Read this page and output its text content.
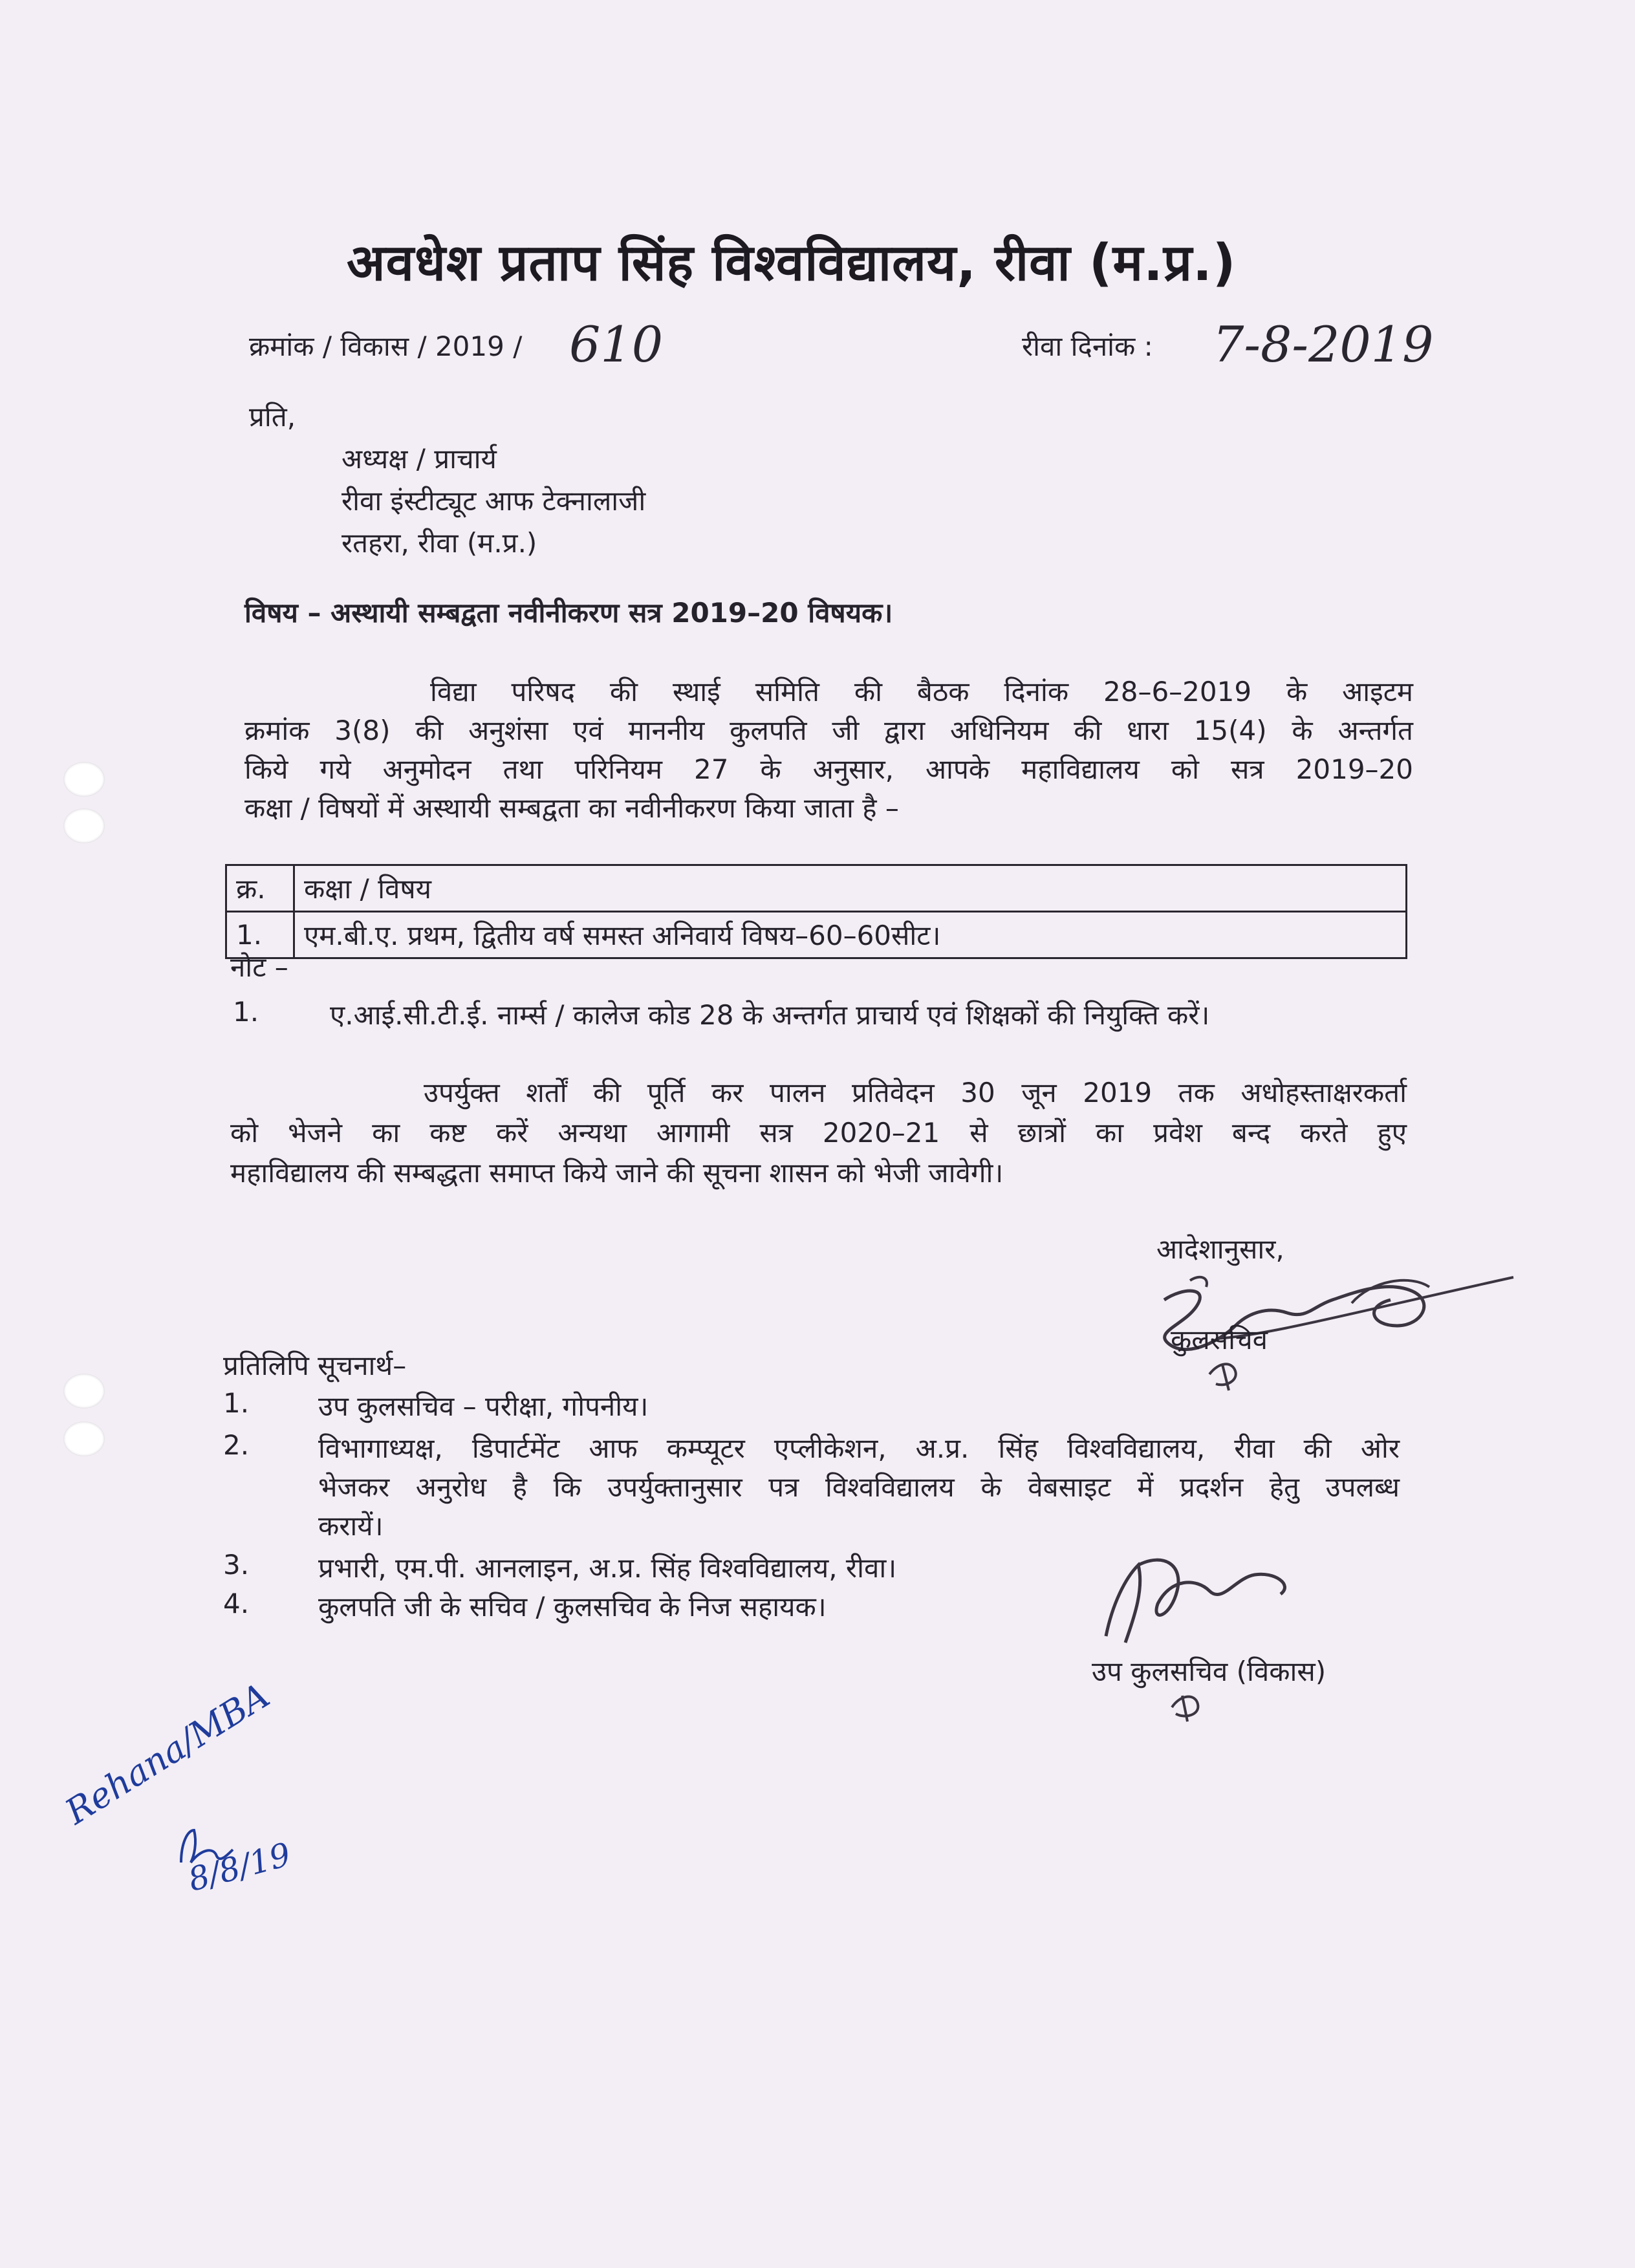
अवधेश प्रताप सिंह विश्वविद्यालय, रीवा (म.प्र.)
क्रमांक / विकास / 2019 / 610	रीवा दिनांक : 7-8-2019
प्रति,
अध्यक्ष / प्राचार्य
रीवा इंस्टीट्यूट आफ टेक्नालाजी
रतहरा, रीवा (म.प्र.)
विषय – अस्थायी सम्बद्वता नवीनीकरण सत्र 2019–20 विषयक।
विद्या परिषद की स्थाई समिति की बैठक दिनांक 28–6–2019 के आइटम
क्रमांक 3(8) की अनुशंसा एवं माननीय कुलपति जी द्वारा अधिनियम की धारा 15(4) के अन्तर्गत
किये गये अनुमोदन तथा परिनियम 27 के अनुसार, आपके महाविद्यालय को सत्र 2019–20
कक्षा / विषयों में अस्थायी सम्बद्वता का नवीनीकरण किया जाता है –
क्र.	कक्षा / विषय
1.	एम.बी.ए. प्रथम, द्वितीय वर्ष समस्त अनिवार्य विषय–60–60सीट।
नोट –
1.	ए.आई.सी.टी.ई. नार्म्स / कालेज कोड 28 के अन्तर्गत प्राचार्य एवं शिक्षकों की नियुक्ति करें।
उपर्युक्त शर्तों की पूर्ति कर पालन प्रतिवेदन 30 जून 2019 तक अधोहस्ताक्षरकर्ता
को भेजने का कष्ट करें अन्यथा आगामी सत्र 2020–21 से छात्रों का प्रवेश बन्द करते हुए
महाविद्यालय की सम्बद्धता समाप्त किये जाने की सूचना शासन को भेजी जावेगी।
आदेशानुसार,
कुलसचिव
प्रतिलिपि सूचनार्थ–
1.	उप कुलसचिव – परीक्षा, गोपनीय।
2.	विभागाध्यक्ष, डिपार्टमेंट आफ कम्प्यूटर एप्लीकेशन, अ.प्र. सिंह विश्वविद्यालय, रीवा की ओर
भेजकर अनुरोध है कि उपर्युक्तानुसार पत्र विश्वविद्यालय के वेबसाइट में प्रदर्शन हेतु उपलब्ध
करायें।
3.	प्रभारी, एम.पी. आनलाइन, अ.प्र. सिंह विश्वविद्यालय, रीवा।
4.	कुलपति जी के सचिव / कुलसचिव के निज सहायक।
उप कुलसचिव (विकास)
Rehana/MBA
8/8/19
